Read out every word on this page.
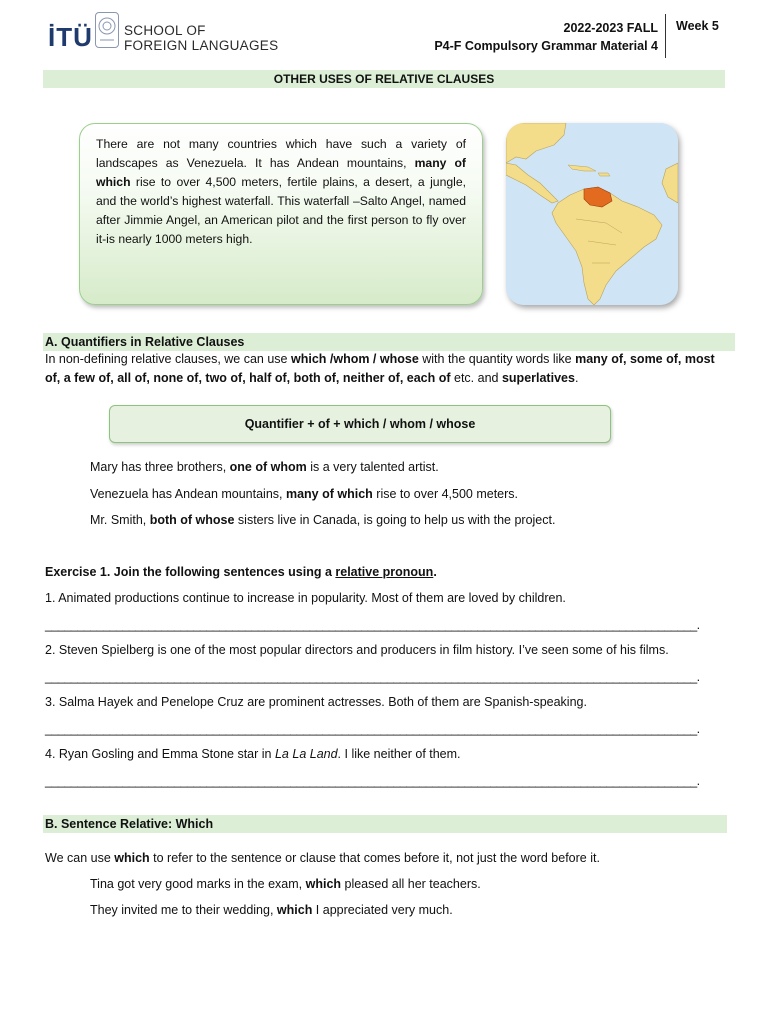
İTÜ SCHOOL OF
FOREIGN LANGUAGES
2022-2023 FALL
P4-F Compulsory Grammar Material 4
Week 5
OTHER USES OF RELATIVE CLAUSES
There are not many countries which have such a variety of landscapes as Venezuela. It has Andean mountains, many of which rise to over 4,500 meters, fertile plains, a desert, a jungle, and the world’s highest waterfall. This waterfall –Salto Angel, named after Jimmie Angel, an American pilot and the first person to fly over it-is nearly 1000 meters high.
A. Quantifiers in Relative Clauses
In non-defining relative clauses, we can use which /whom / whose with the quantity words like many of, some of, most of, a few of, all of, none of, two of, half of, both of, neither of, each of etc. and superlatives.
Quantifier + of + which / whom / whose
Mary has three brothers, one of whom is a very talented artist.
Venezuela has Andean mountains, many of which rise to over 4,500 meters.
Mr. Smith, both of whose sisters live in Canada, is going to help us with the project.
Exercise 1. Join the following sentences using a relative pronoun.
1. Animated productions continue to increase in popularity. Most of them are loved by children.
_____________________________________________________________________________________________________.
2. Steven Spielberg is one of the most popular directors and producers in film history. I’ve seen some of his films.
_____________________________________________________________________________________________________.
3. Salma Hayek and Penelope Cruz are prominent actresses. Both of them are Spanish-speaking.
_____________________________________________________________________________________________________.
4. Ryan Gosling and Emma Stone star in La La Land. I like neither of them.
_____________________________________________________________________________________________________.
B. Sentence Relative: Which
We can use which to refer to the sentence or clause that comes before it, not just the word before it.
Tina got very good marks in the exam, which pleased all her teachers.
They invited me to their wedding, which I appreciated very much.
